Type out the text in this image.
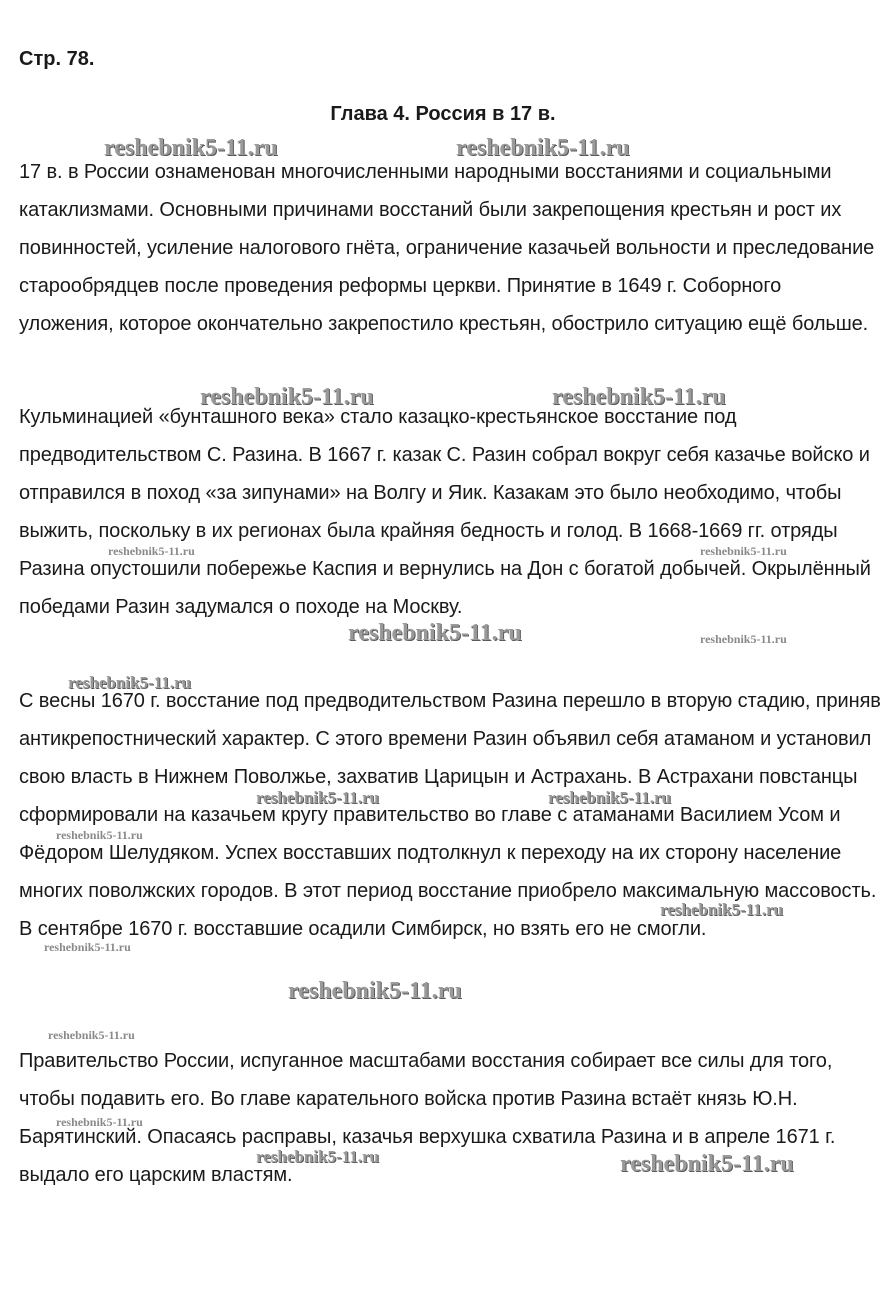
Стр. 78.

Глава 4. Россия в 17 в.

17 в. в России ознаменован многочисленными народными восстаниями и социальными катаклизмами. Основными причинами восстаний были закрепощения крестьян и рост их повинностей, усиление налогового гнёта, ограничение казачьей вольности и преследование старообрядцев после проведения реформы церкви. Принятие в 1649 г. Соборного уложения, которое окончательно закрепостило крестьян, обострило ситуацию ещё больше.

Кульминацией «бунташного века» стало казацко-крестьянское восстание под предводительством С. Разина. В 1667 г. казак С. Разин собрал вокруг себя казачье войско и отправился в поход «за зипунами» на Волгу и Яик. Казакам это было необходимо, чтобы выжить, поскольку в их регионах была крайняя бедность и голод. В 1668-1669 гг. отряды Разина опустошили побережье Каспия и вернулись на Дон с богатой добычей. Окрылённый победами Разин задумался о походе на Москву.

С весны 1670 г. восстание под предводительством Разина перешло в вторую стадию, приняв антикрепостнический характер. С этого времени Разин объявил себя атаманом и установил свою власть в Нижнем Поволжье, захватив Царицын и Астрахань. В Астрахани повстанцы сформировали на казачьем кругу правительство во главе с атаманами Василием Усом и Фёдором Шелудяком. Успех восставших подтолкнул к переходу на их сторону население многих поволжских городов. В этот период восстание приобрело максимальную массовость. В сентябре 1670 г. восставшие осадили Симбирск, но взять его не смогли.

Правительство России, испуганное масштабами восстания собирает все силы для того, чтобы подавить его. Во главе карательного войска против Разина встаёт князь Ю.Н. Барятинский. Опасаясь расправы, казачья верхушка схватила Разина и в апреле 1671 г. выдало его царским властям.

reshebnik5-11.ru	reshebnik5-11.ru
reshebnik5-11.ru	reshebnik5-11.ru
reshebnik5-11.ru	reshebnik5-11.ru
reshebnik5-11.ru	reshebnik5-11.ru
reshebnik5-11.ru
reshebnik5-11.ru	reshebnik5-11.ru
reshebnik5-11.ru
reshebnik5-11.ru
reshebnik5-11.ru
reshebnik5-11.ru
reshebnik5-11.ru
reshebnik5-11.ru
reshebnik5-11.ru	reshebnik5-11.ru
